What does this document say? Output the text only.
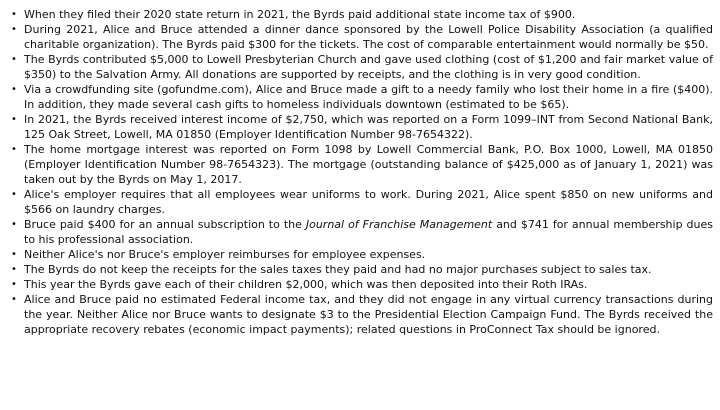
• When they filed their 2020 state return in 2021, the Byrds paid additional state income tax of $900.
• During 2021, Alice and Bruce attended a dinner dance sponsored by the Lowell Police Disability Association (a qualified charitable organization). The Byrds paid $300 for the tickets. The cost of comparable entertainment would normally be $50.
• The Byrds contributed $5,000 to Lowell Presbyterian Church and gave used clothing (cost of $1,200 and fair market value of $350) to the Salvation Army. All donations are supported by receipts, and the clothing is in very good condition.
• Via a crowdfunding site (gofundme.com), Alice and Bruce made a gift to a needy family who lost their home in a fire ($400). In addition, they made several cash gifts to homeless individuals downtown (estimated to be $65).
• In 2021, the Byrds received interest income of $2,750, which was reported on a Form 1099–INT from Second National Bank, 125 Oak Street, Lowell, MA 01850 (Employer Identification Number 98-7654322).
• The home mortgage interest was reported on Form 1098 by Lowell Commercial Bank, P.O. Box 1000, Lowell, MA 01850 (Employer Identification Number 98-7654323). The mortgage (outstanding balance of $425,000 as of January 1, 2021) was taken out by the Byrds on May 1, 2017.
• Alice's employer requires that all employees wear uniforms to work. During 2021, Alice spent $850 on new uniforms and $566 on laundry charges.
• Bruce paid $400 for an annual subscription to the Journal of Franchise Management and $741 for annual membership dues to his professional association.
• Neither Alice's nor Bruce's employer reimburses for employee expenses.
• The Byrds do not keep the receipts for the sales taxes they paid and had no major purchases subject to sales tax.
• This year the Byrds gave each of their children $2,000, which was then deposited into their Roth IRAs.
• Alice and Bruce paid no estimated Federal income tax, and they did not engage in any virtual currency transactions during the year. Neither Alice nor Bruce wants to designate $3 to the Presidential Election Campaign Fund. The Byrds received the appropriate recovery rebates (economic impact payments); related questions in ProConnect Tax should be ignored.
